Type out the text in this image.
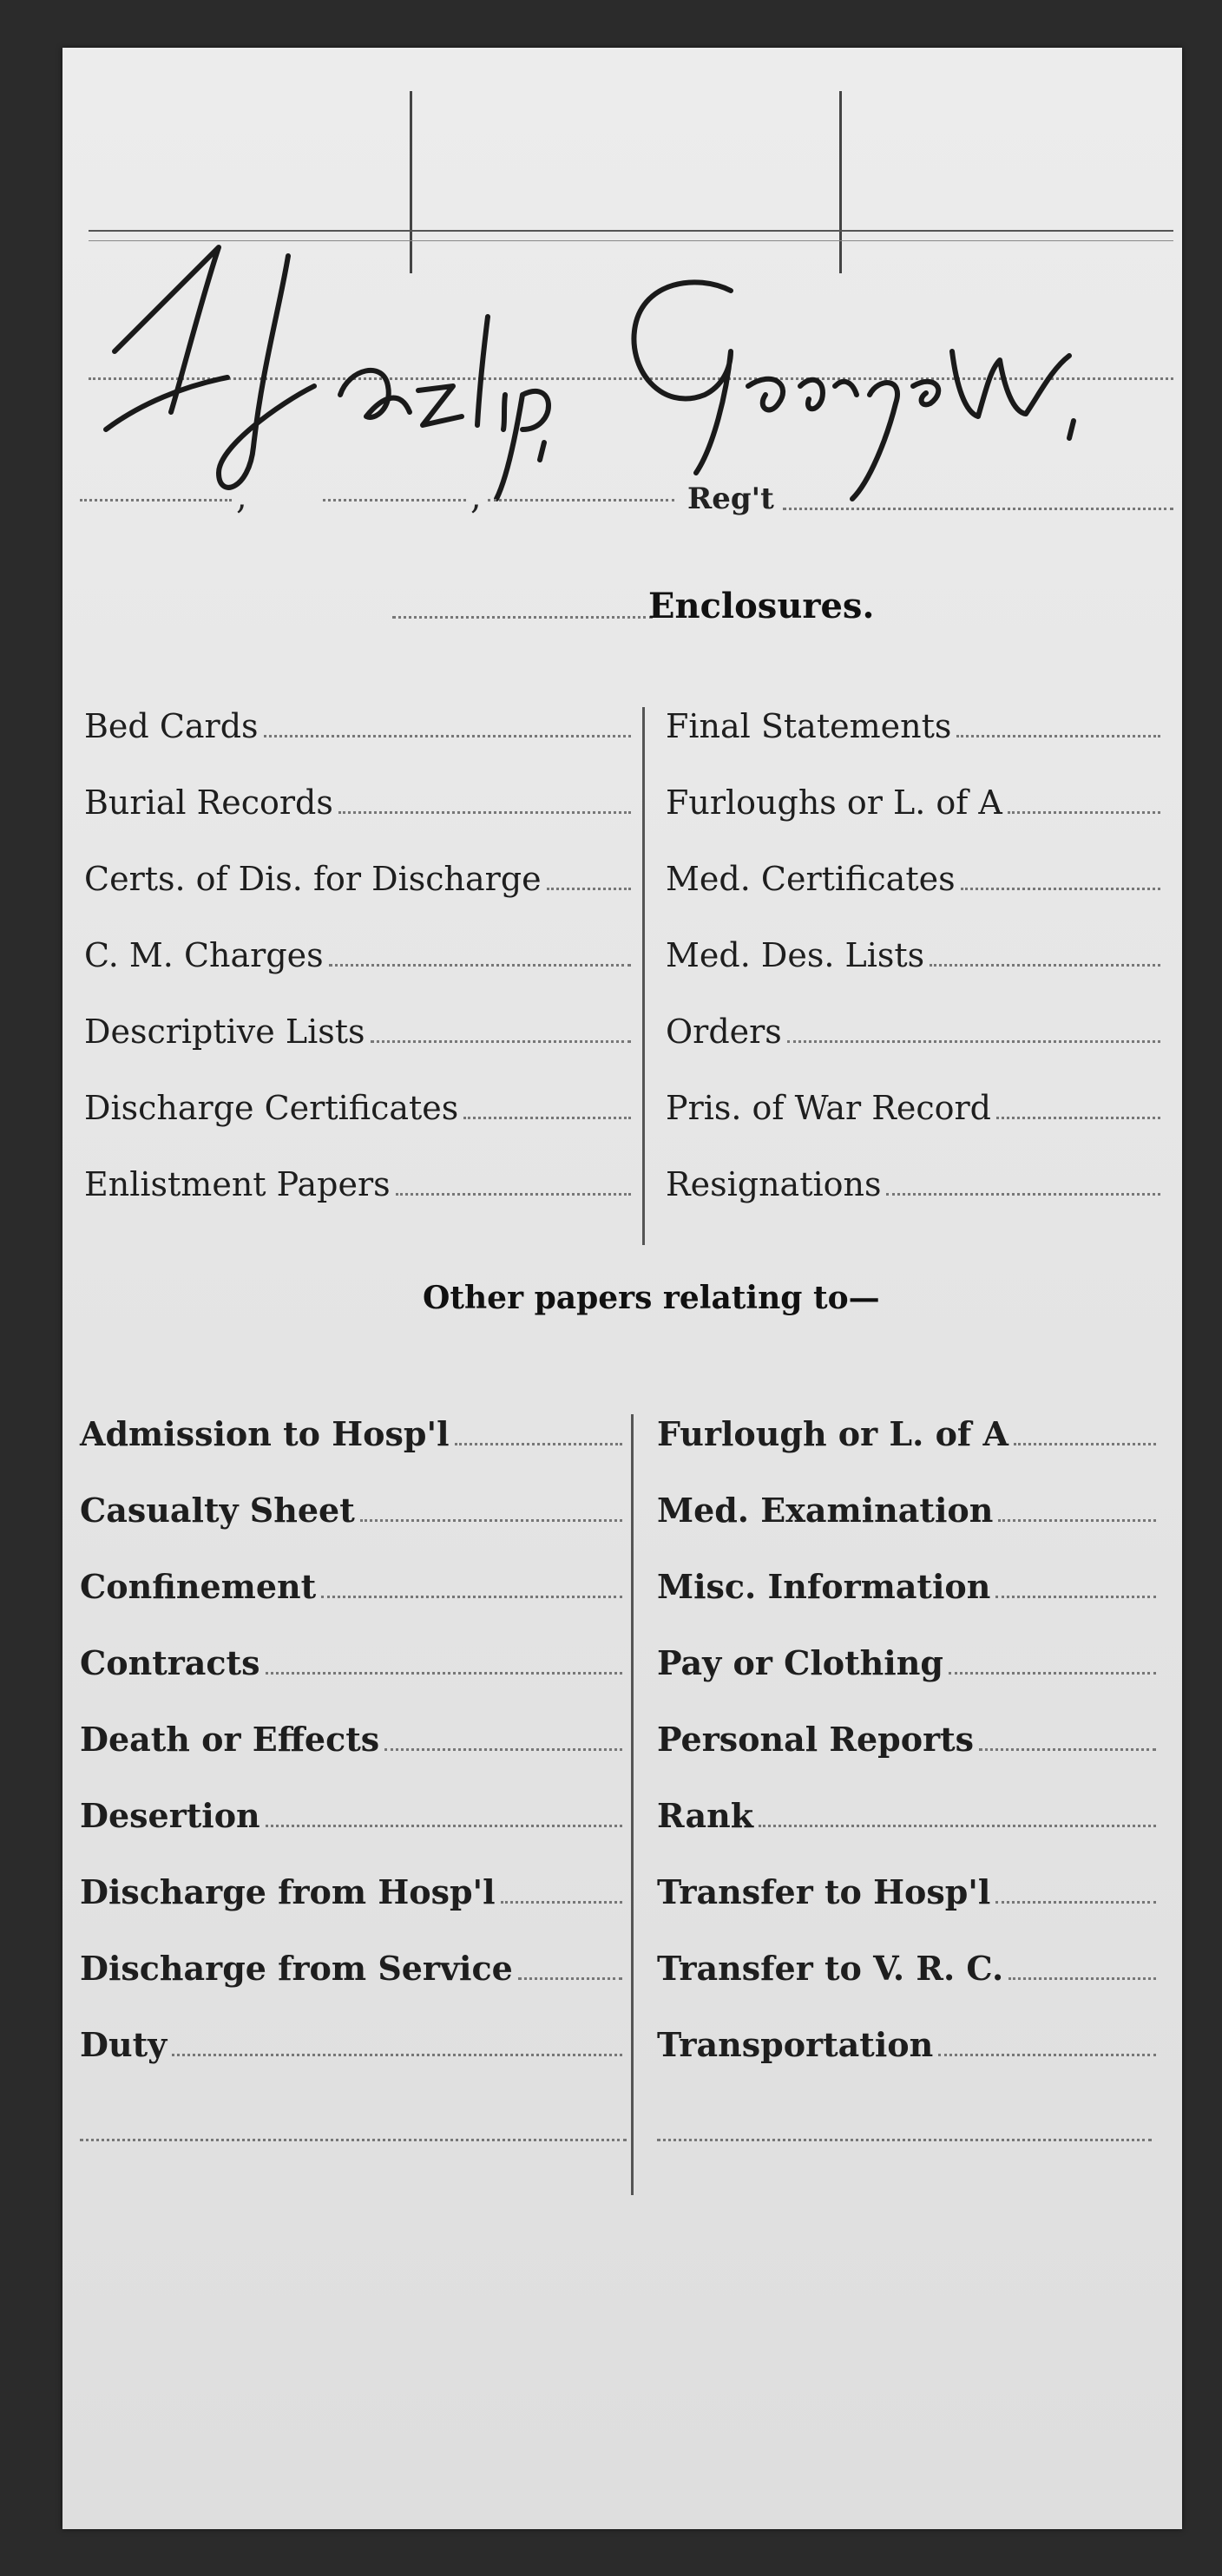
,	,	Reg't
Enclosures.
Bed Cards
Burial Records
Certs. of Dis. for Discharge
C. M. Charges
Descriptive Lists
Discharge Certificates
Enlistment Papers
Final Statements
Furloughs or L. of A
Med. Certificates
Med. Des. Lists
Orders
Pris. of War Record
Resignations
Other papers relating to—
Admission to Hosp'l
Casualty Sheet
Confinement
Contracts
Death or Effects
Desertion
Discharge from Hosp'l
Discharge from Service
Duty
Furlough or L. of A
Med. Examination
Misc. Information
Pay or Clothing
Personal Reports
Rank
Transfer to Hosp'l
Transfer to V. R. C.
Transportation
